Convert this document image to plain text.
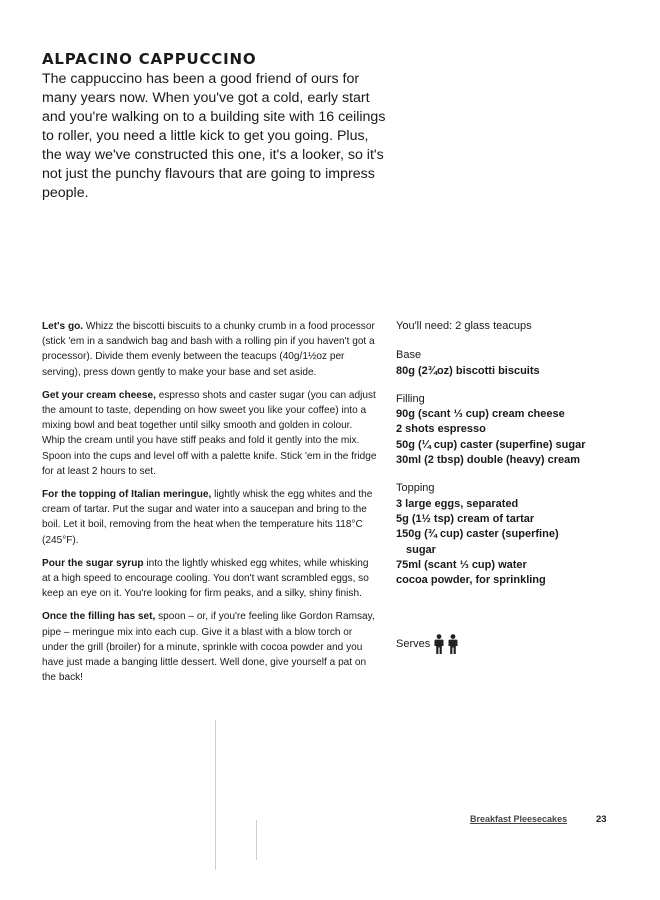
ALPACINO CAPPUCCINO

The cappuccino has been a good friend of ours for many years now. When you've got a cold, early start and you're walking on to a building site with 16 ceilings to roller, you need a little kick to get you going. Plus, the way we've constructed this one, it's a looker, so it's not just the punchy flavours that are going to impress people.

Let's go. Whizz the biscotti biscuits to a chunky crumb in a food processor (stick 'em in a sandwich bag and bash with a rolling pin if you haven't got a processor). Divide them evenly between the teacups (40g/1½oz per serving), press down gently to make your base and set aside.

Get your cream cheese, espresso shots and caster sugar (you can adjust the amount to taste, depending on how sweet you like your coffee) into a mixing bowl and beat together until silky smooth and golden in colour. Whip the cream until you have stiff peaks and fold it gently into the mix. Spoon into the cups and level off with a palette knife. Stick 'em in the fridge for at least 2 hours to set.

For the topping of Italian meringue, lightly whisk the egg whites and the cream of tartar. Put the sugar and water into a saucepan and bring to the boil. Let it boil, removing from the heat when the temperature hits 118°C (245°F).

Pour the sugar syrup into the lightly whisked egg whites, while whisking at a high speed to encourage cooling. You don't want scrambled eggs, so keep an eye on it. You're looking for firm peaks, and a silky, shiny finish.

Once the filling has set, spoon – or, if you're feeling like Gordon Ramsay, pipe – meringue mix into each cup. Give it a blast with a blow torch or under the grill (broiler) for a minute, sprinkle with cocoa powder and you have just made a banging little dessert. Well done, give yourself a pat on the back!

You'll need: 2 glass teacups

Base

80g (2¾oz) biscotti biscuits

Filling

90g (scant ⅓ cup) cream cheese
2 shots espresso
50g (¼ cup) caster (superfine) sugar
30ml (2 tbsp) double (heavy) cream

Topping

3 large eggs, separated
5g (1½ tsp) cream of tartar
150g (¾ cup) caster (superfine)
sugar
75ml (scant ⅓ cup) water
cocoa powder, for sprinkling
Serves
Breakfast Pleesecakes	23
